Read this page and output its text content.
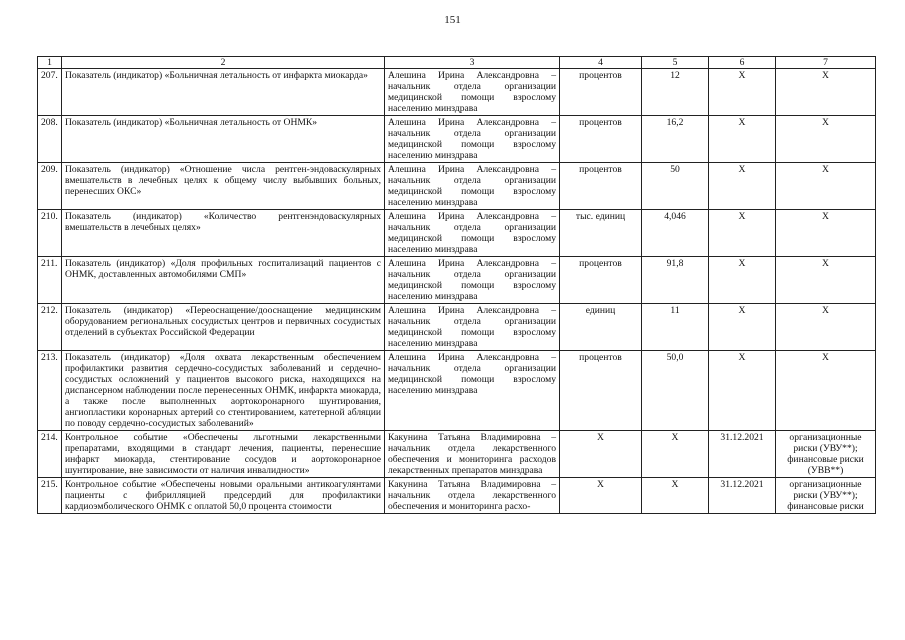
151
1	2	3	4	5	6	7
207.	Показатель (индикатор) «Больничная летальность от инфаркта миокарда»	Алешина Ирина Александровна – начальник отдела организации медицинской помощи взрослому населению минздрава	процентов	12	Х	Х
208.	Показатель (индикатор) «Больничная летальность от ОНМК»	Алешина Ирина Александровна – начальник отдела организации медицинской помощи взрослому населению минздрава	процентов	16,2	Х	Х
209.	Показатель (индикатор) «Отношение числа рентген-эндоваскулярных вмешательств в лечебных целях к общему числу выбывших больных, перенесших ОКС»	Алешина Ирина Александровна – начальник отдела организации медицинской помощи взрослому населению минздрава	процентов	50	Х	Х
210.	Показатель (индикатор) «Количество рентгенэндоваскулярных вмешательств в лечебных целях»	Алешина Ирина Александровна – начальник отдела организации медицинской помощи взрослому населению минздрава	тыс. единиц	4,046	Х	Х
211.	Показатель (индикатор) «Доля профильных госпитализаций пациентов с ОНМК, доставленных автомобилями СМП»	Алешина Ирина Александровна – начальник отдела организации медицинской помощи взрослому населению минздрава	процентов	91,8	Х	Х
212.	Показатель (индикатор) «Переоснащение/дооснащение медицинским оборудованием региональных сосудистых центров и первичных сосудистых отделений в субъектах Российской Федерации	Алешина Ирина Александровна – начальник отдела организации медицинской помощи взрослому населению минздрава	единиц	11	Х	Х
213.	Показатель (индикатор) «Доля охвата лекарственным обеспечением профилактики развития сердечно-сосудистых заболеваний и сердечно-сосудистых осложнений у пациентов высокого риска, находящихся на диспансерном наблюдении после перенесенных ОНМК, инфаркта миокарда, а также после выполненных аортокоронарного шунтирования, ангиопластики коронарных артерий со стентированием, катетерной абляции по поводу сердечно-сосудистых заболеваний»	Алешина Ирина Александровна – начальник отдела организации медицинской помощи взрослому населению минздрава	процентов	50,0	Х	Х
214.	Контрольное событие «Обеспечены льготными лекарственными препаратами, входящими в стандарт лечения, пациенты, перенесшие инфаркт миокарда, стентирование сосудов и аортокоронарное шунтирование, вне зависимости от наличия инвалидности»	Какунина Татьяна Владимировна – начальник отдела лекарственного обеспечения и мониторинга расходов лекарственных препаратов минздрава	Х	Х	31.12.2021	организационные риски (УВУ**); финансовые риски (УВВ**)
215.	Контрольное событие «Обеспечены новыми оральными антикоагулянтами пациенты с фибрилляцией предсердий для профилактики кардиоэмболического ОНМК с оплатой 50,0 процента стоимости	Какунина Татьяна Владимировна – начальник отдела лекарственного обеспечения и мониторинга расхо-	Х	Х	31.12.2021	организационные риски (УВУ**); финансовые риски
